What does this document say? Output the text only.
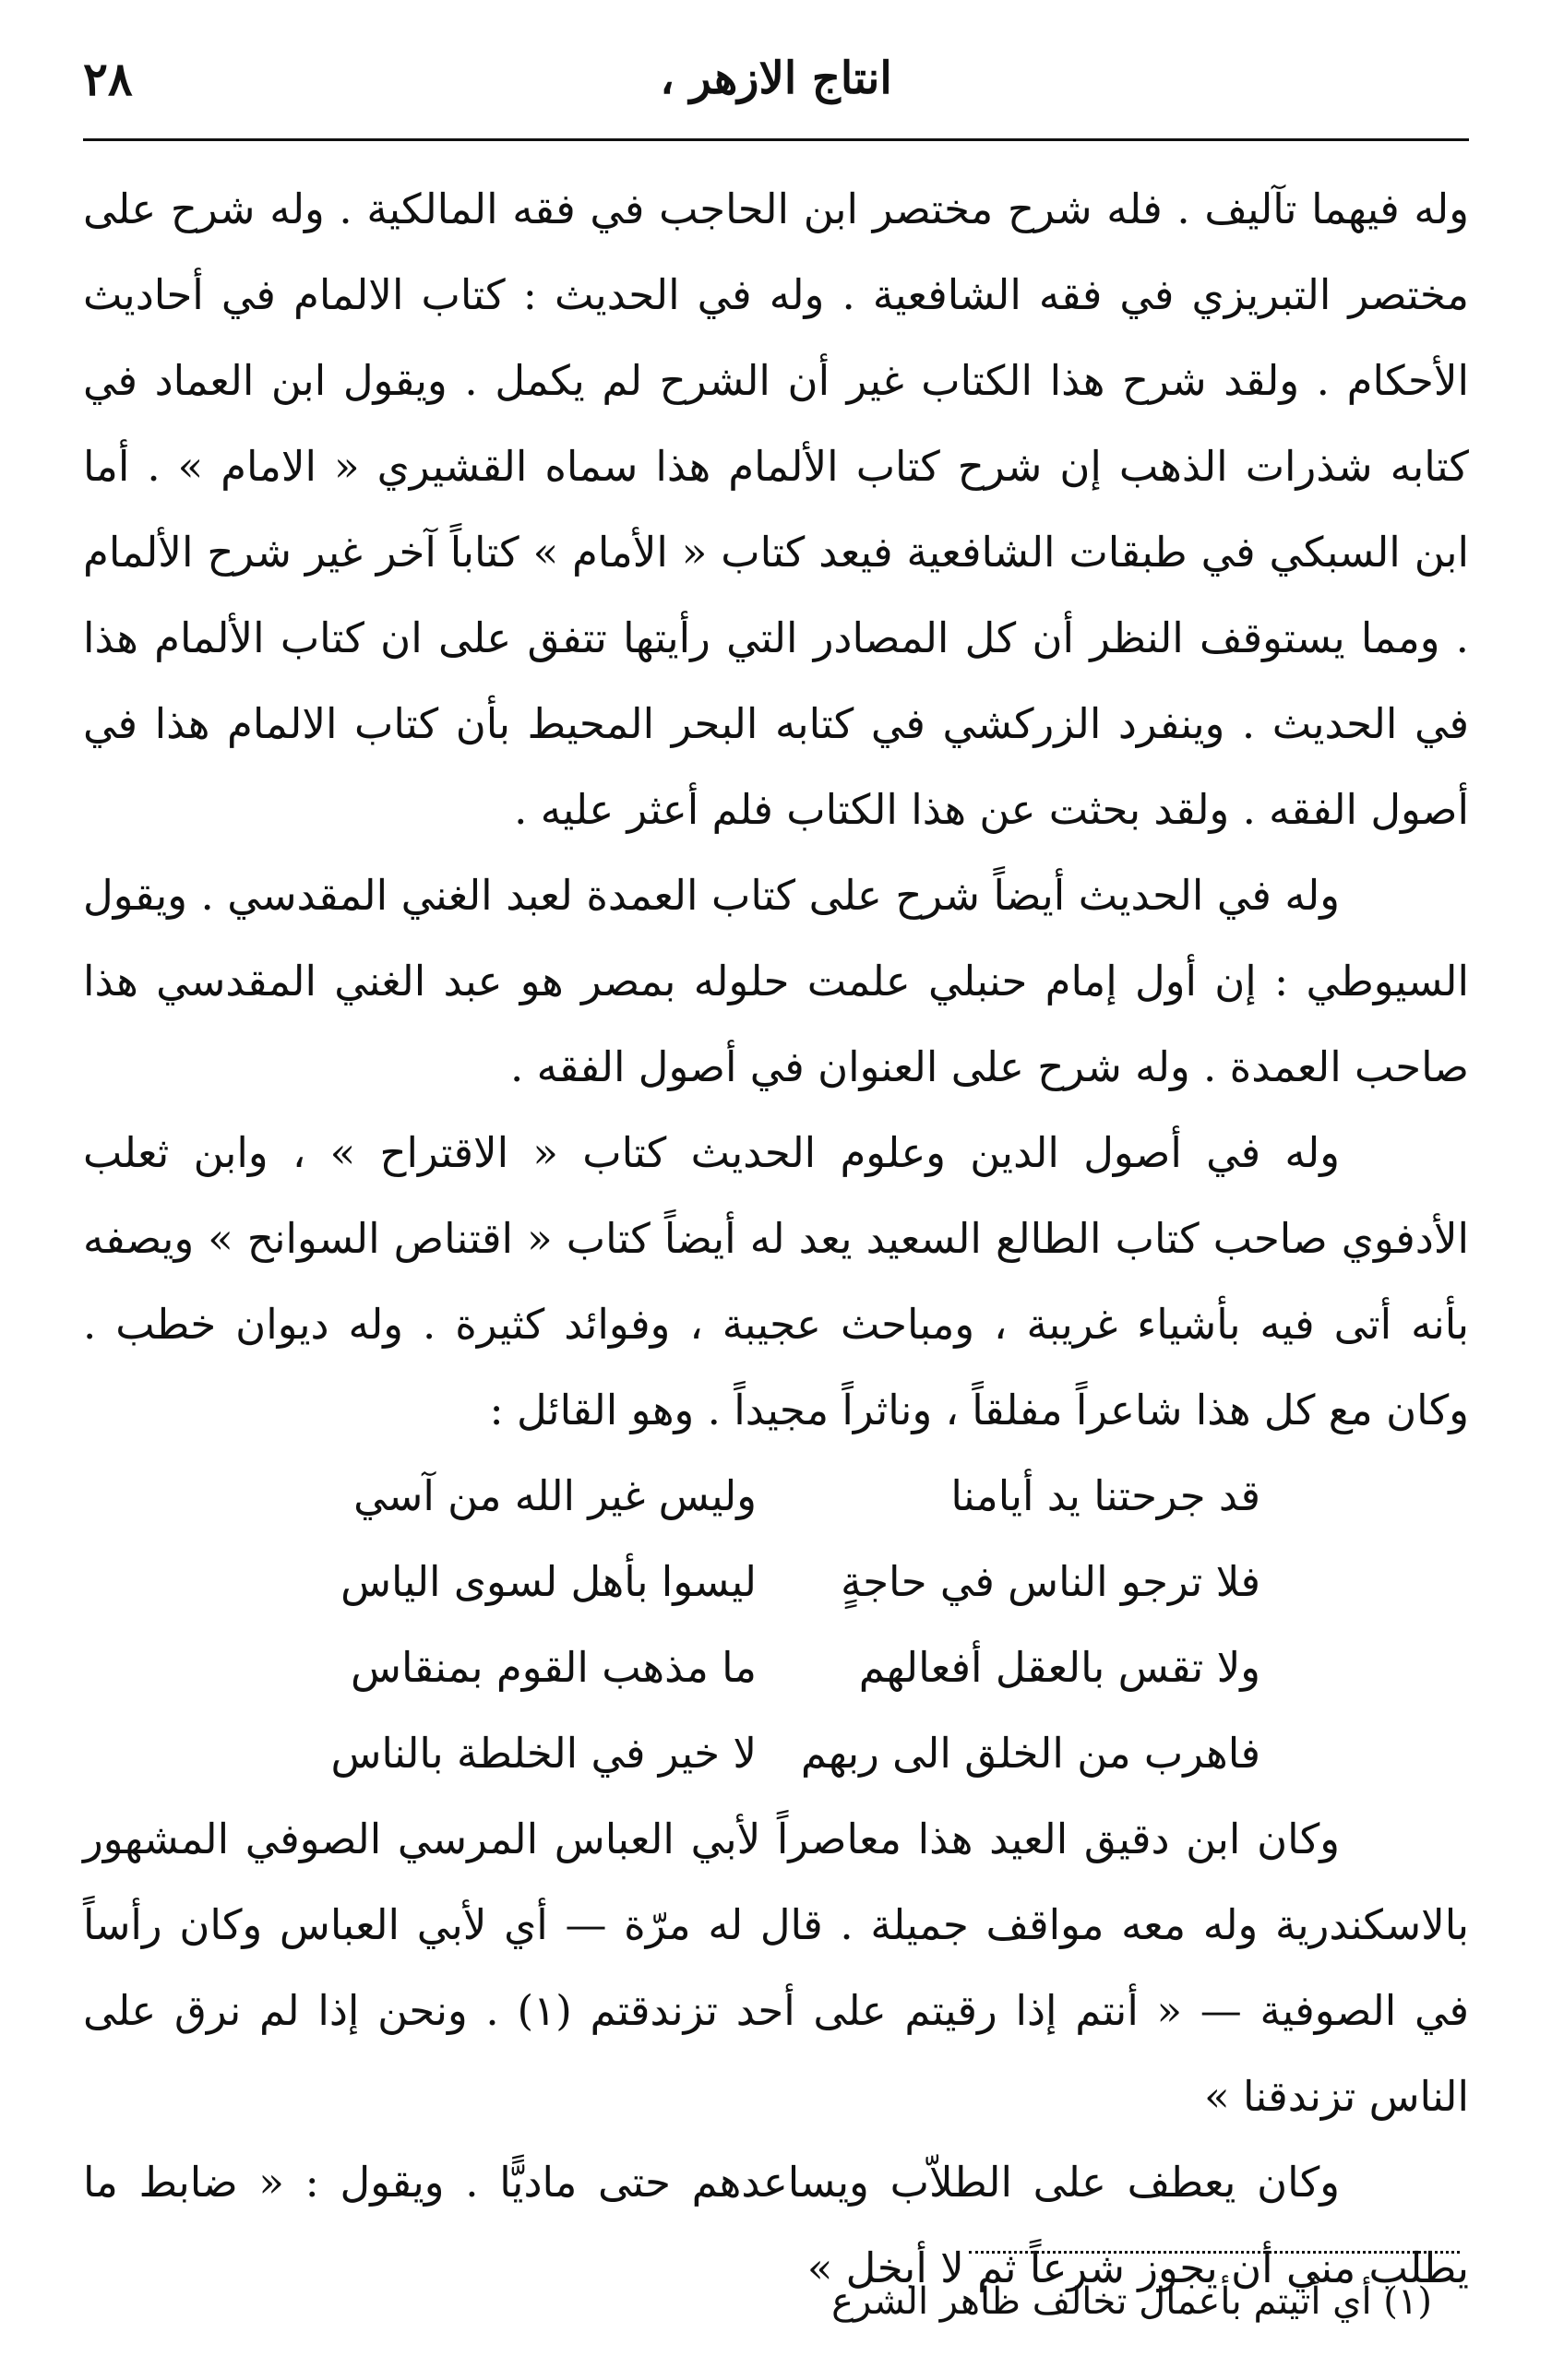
٢٨	انتاج الازهر ،

وله فيهما تآليف . فله شرح مختصر ابن الحاجب في فقه المالكية . وله شرح على مختصر التبريزي في فقه الشافعية . وله في الحديث : كتاب الالمام في أحاديث الأحكام . ولقد شرح هذا الكتاب غير أن الشرح لم يكمل . ويقول ابن العماد في كتابه شذرات الذهب إن شرح كتاب الألمام هذا سماه القشيري « الامام » . أما ابن السبكي في طبقات الشافعية فيعد كتاب « الأمام » كتاباً آخر غير شرح الألمام . ومما يستوقف النظر أن كل المصادر التي رأيتها تتفق على ان كتاب الألمام هذا في الحديث . وينفرد الزركشي في كتابه البحر المحيط بأن كتاب الالمام هذا في أصول الفقه . ولقد بحثت عن هذا الكتاب فلم أعثر عليه .

وله في الحديث أيضاً شرح على كتاب العمدة لعبد الغني المقدسي . ويقول السيوطي : إن أول إمام حنبلي علمت حلوله بمصر هو عبد الغني المقدسي هذا صاحب العمدة . وله شرح على العنوان في أصول الفقه .

وله في أصول الدين وعلوم الحديث كتاب « الاقتراح » ، وابن ثعلب الأدفوي صاحب كتاب الطالع السعيد يعد له أيضاً كتاب « اقتناص السوانح » ويصفه بأنه أتى فيه بأشياء غريبة ، ومباحث عجيبة ، وفوائد كثيرة . وله ديوان خطب . وكان مع كل هذا شاعراً مفلقاً ، وناثراً مجيداً . وهو القائل :

قد جرحتنا يد أيامنا
وليس غير الله من آسي
فلا ترجو الناس في حاجةٍ
ليسوا بأهل لسوى الياس
ولا تقس بالعقل أفعالهم
ما مذهب القوم بمنقاس
فاهرب من الخلق الى ربهم
لا خير في الخلطة بالناس

وكان ابن دقيق العيد هذا معاصراً لأبي العباس المرسي الصوفي المشهور بالاسكندرية وله معه مواقف جميلة . قال له مرّة — أي لأبي العباس وكان رأساً في الصوفية — « أنتم إذا رقيتم على أحد تزندقتم (١) . ونحن إذا لم نرق على الناس تزندقنا »

وكان يعطف على الطلاّب ويساعدهم حتى ماديًّا . ويقول : « ضابط ما يطلب مني أن يجوز شرعاً ثم لا أبخل »

(١) أي أتيتم بأعمال تخالف ظاهر الشرع
